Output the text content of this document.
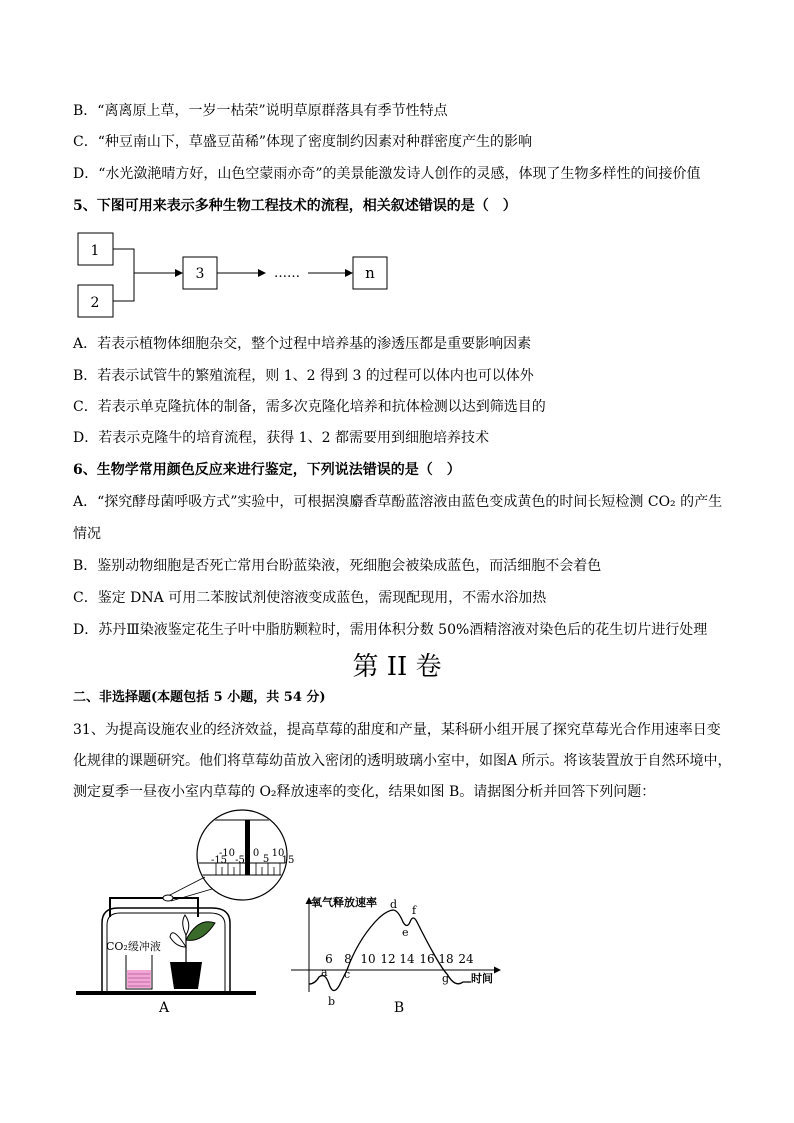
B．“离离原上草，一岁一枯荣”说明草原群落具有季节性特点
C．“种豆南山下，草盛豆苗稀”体现了密度制约因素对种群密度产生的影响
D．“水光潋滟晴方好，山色空蒙雨亦奇”的美景能激发诗人创作的灵感，体现了生物多样性的间接价值
5、下图可用来表示多种生物工程技术的流程，相关叙述错误的是（　）
1
2
3	……	n
A．若表示植物体细胞杂交，整个过程中培养基的渗透压都是重要影响因素
B．若表示试管牛的繁殖流程，则 1、2 得到 3 的过程可以体内也可以体外
C．若表示单克隆抗体的制备，需多次克隆化培养和抗体检测以达到筛选目的
D．若表示克隆牛的培育流程，获得 1、2 都需要用到细胞培养技术
6、生物学常用颜色反应来进行鉴定，下列说法错误的是（　）
A．“探究酵母菌呼吸方式”实验中，可根据溴麝香草酚蓝溶液由蓝色变成黄色的时间长短检测 CO₂ 的产生
情况
B．鉴别动物细胞是否死亡常用台盼蓝染液，死细胞会被染成蓝色，而活细胞不会着色
C．鉴定 DNA 可用二苯胺试剂使溶液变成蓝色，需现配现用，不需水浴加热
D．苏丹Ⅲ染液鉴定花生子叶中脂肪颗粒时，需用体积分数 50%酒精溶液对染色后的花生切片进行处理
第 II 卷
二、非选择题(本题包括 5 小题，共 54 分)
31、为提高设施农业的经济效益，提高草莓的甜度和产量，某科研小组开展了探究草莓光合作用速率日变
化规律的课题研究。他们将草莓幼苗放入密闭的透明玻璃小室中，如图A 所示。将该装置放于自然环境中，
测定夏季一昼夜小室内草莓的 O₂释放速率的变化，结果如图 B。请据图分析并回答下列问题：
-10 0
5
10
-15 -5	15
CO₂缓冲液
A
氧气释放速率
时间
6 8 10 12 14 16 18 24
a
b
c
d
e
f
g
B
